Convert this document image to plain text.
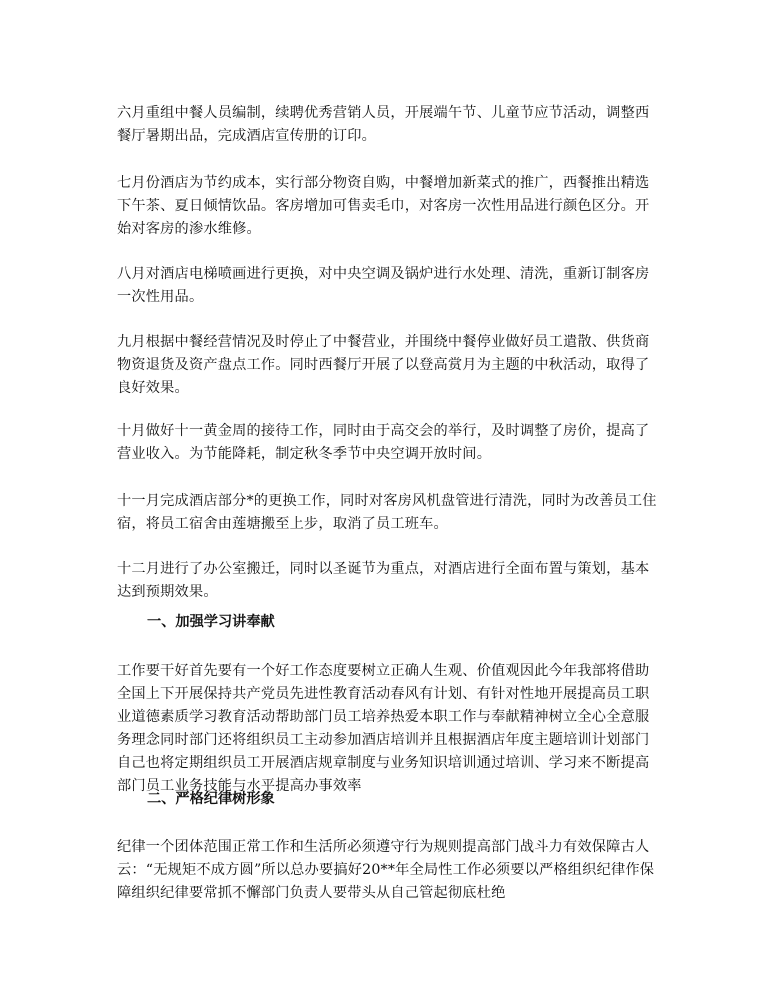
六月重组中餐人员编制，续聘优秀营销人员，开展端午节、儿童节应节活动，调整西餐厅暑期出品，完成酒店宣传册的订印。

七月份酒店为节约成本，实行部分物资自购，中餐增加新菜式的推广，西餐推出精选下午茶、夏日倾情饮品。客房增加可售卖毛巾，对客房一次性用品进行颜色区分。开始对客房的渗水维修。

八月对酒店电梯喷画进行更换，对中央空调及锅炉进行水处理、清洗，重新订制客房一次性用品。

九月根据中餐经营情况及时停止了中餐营业，并围绕中餐停业做好员工遣散、供货商物资退货及资产盘点工作。同时西餐厅开展了以登高赏月为主题的中秋活动，取得了良好效果。

十月做好十一黄金周的接待工作，同时由于高交会的举行，及时调整了房价，提高了营业收入。为节能降耗，制定秋冬季节中央空调开放时间。

十一月完成酒店部分*的更换工作，同时对客房风机盘管进行清洗，同时为改善员工住宿，将员工宿舍由莲塘搬至上步，取消了员工班车。

十二月进行了办公室搬迁，同时以圣诞节为重点，对酒店进行全面布置与策划，基本达到预期效果。

一、加强学习讲奉献

工作要干好首先要有一个好工作态度要树立正确人生观、价值观因此今年我部将借助全国上下开展保持共产党员先进性教育活动春风有计划、有针对性地开展提高员工职业道德素质学习教育活动帮助部门员工培养热爱本职工作与奉献精神树立全心全意服务理念同时部门还将组织员工主动参加酒店培训并且根据酒店年度主题培训计划部门自己也将定期组织员工开展酒店规章制度与业务知识培训通过培训、学习来不断提高部门员工业务技能与水平提高办事效率

二、严格纪律树形象

纪律一个团体范围正常工作和生活所必须遵守行为规则提高部门战斗力有效保障古人云：“无规矩不成方圆”所以总办要搞好20**年全局性工作必须要以严格组织纪律作保障组织纪律要常抓不懈部门负责人要带头从自己管起彻底杜绝
